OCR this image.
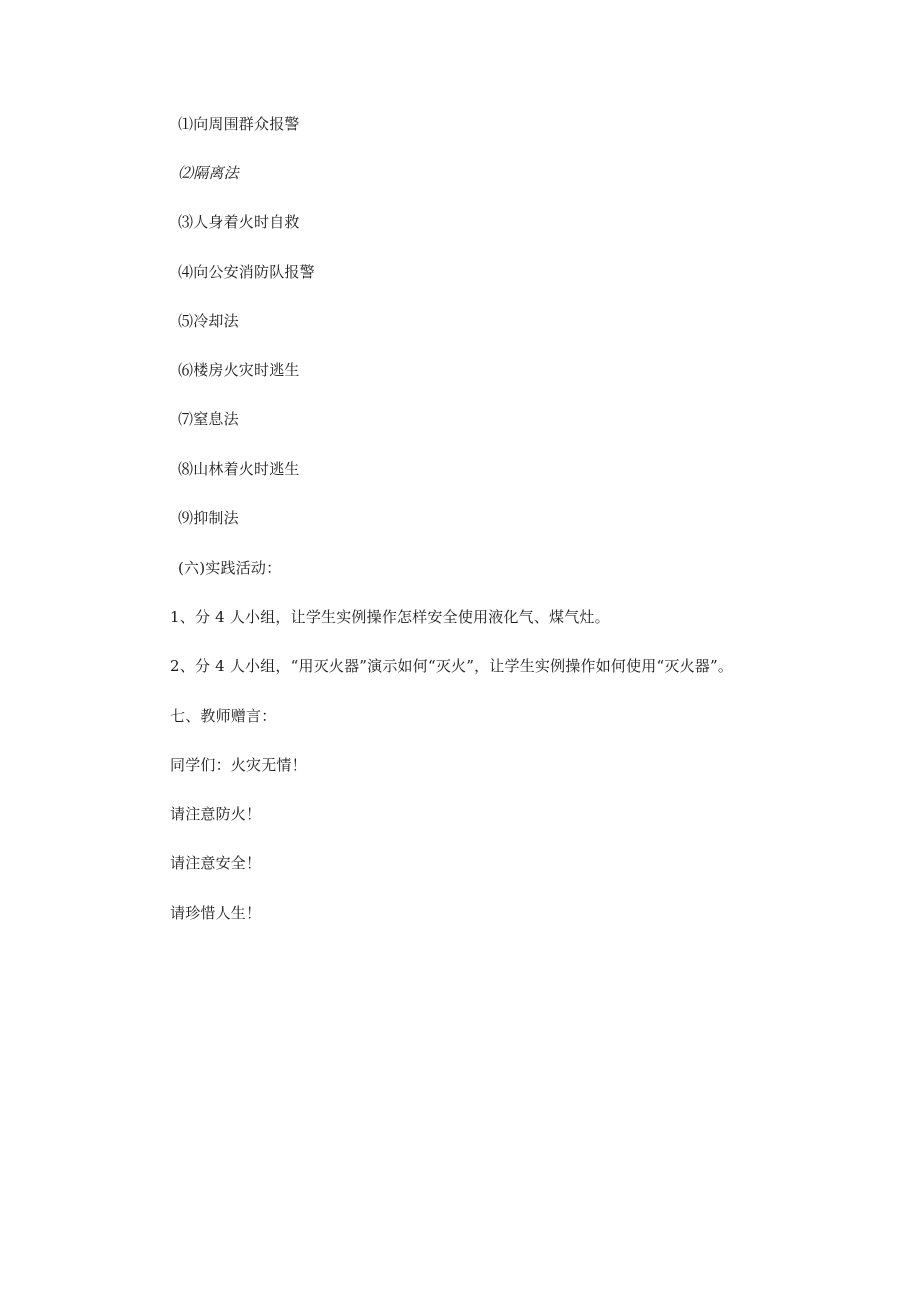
⑴向周围群众报警
⑵隔离法
⑶人身着火时自救
⑷向公安消防队报警
⑸冷却法
⑹楼房火灾时逃生
⑺窒息法
⑻山林着火时逃生
⑼抑制法
(六)实践活动：
1、分 4 人小组，让学生实例操作怎样安全使用液化气、煤气灶。
2、分 4 人小组，“用灭火器”演示如何“灭火”，让学生实例操作如何使用“灭火器”。
七、教师赠言：
同学们：火灾无情！
请注意防火！
请注意安全！
请珍惜人生！
